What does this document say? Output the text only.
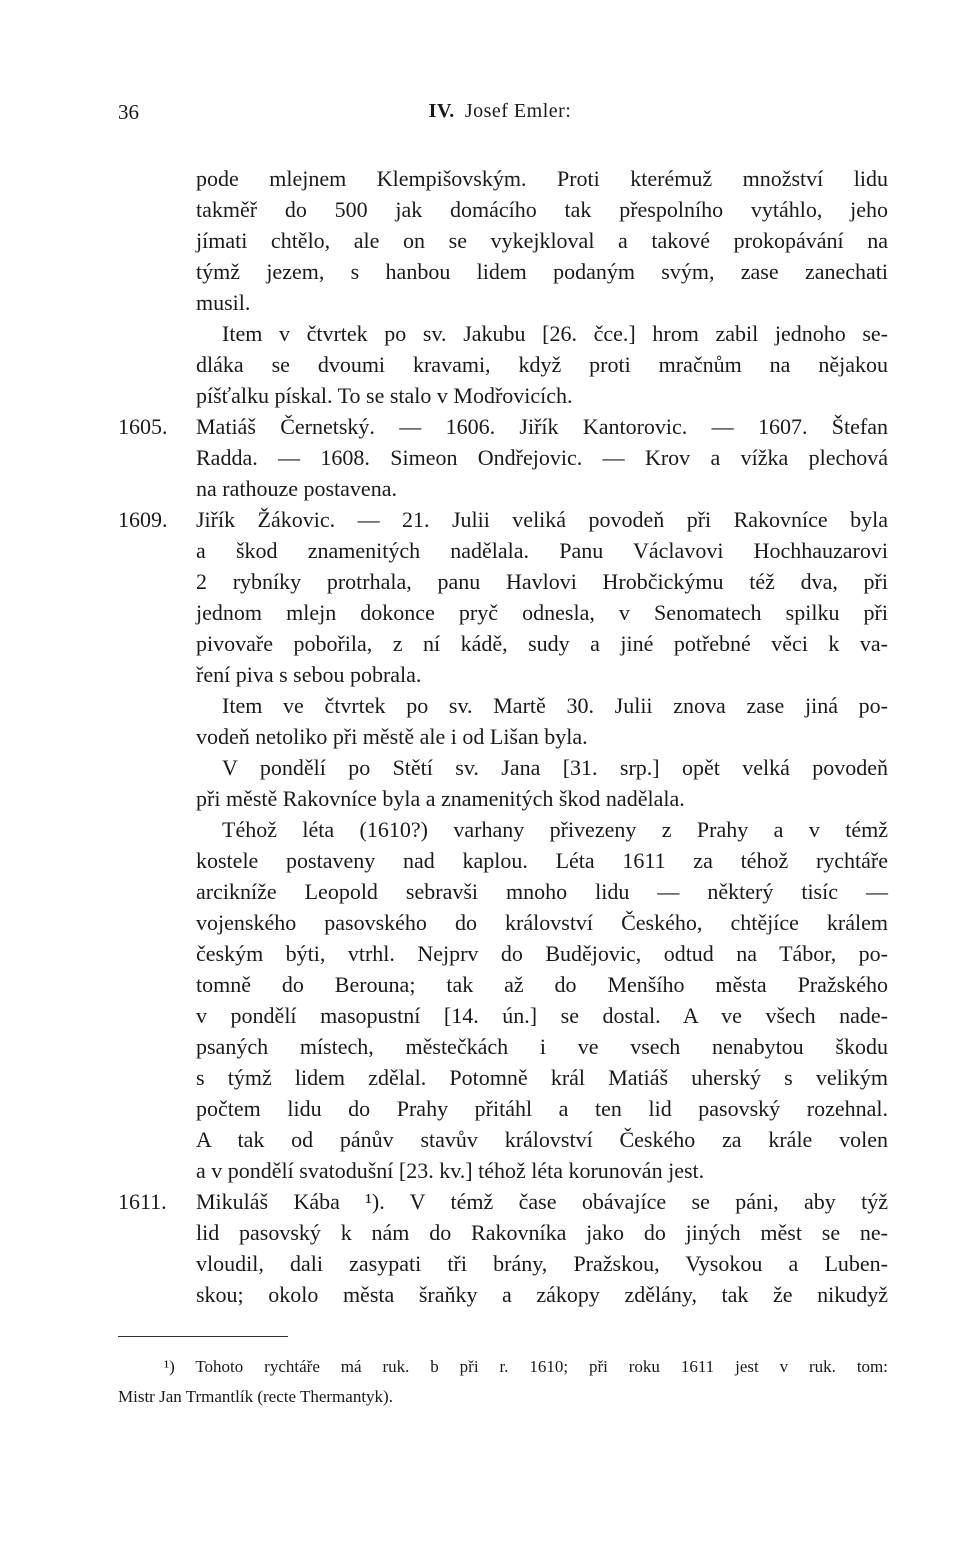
36	IV. Josef Emler:
pode mlejnem Klempišovským. Proti kterémuž množství lidu
takměř do 500 jak domácího tak přespolního vytáhlo, jeho
jímati chtělo, ale on se vykejkloval a takové prokopávání na
týmž jezem, s hanbou lidem podaným svým, zase zanechati
musil.
Item v čtvrtek po sv. Jakubu [26. čce.] hrom zabil jednoho se-
dláka se dvoumi kravami, když proti mračnům na nějakou
píšťalku pískal. To se stalo v Modřovicích.
1605. Matiáš Černetský. — 1606. Jiřík Kantorovic. — 1607. Štefan
Radda. — 1608. Simeon Ondřejovic. — Krov a vížka plechová
na rathouze postavena.
1609. Jiřík Žákovic. — 21. Julii veliká povodeň při Rakovníce byla
a škod znamenitých nadělala. Panu Václavovi Hochhauzarovi
2 rybníky protrhala, panu Havlovi Hrobčickýmu též dva, při
jednom mlejn dokonce pryč odnesla, v Senomatech spilku při
pivovaře pobořila, z ní kádě, sudy a jiné potřebné věci k va-
ření piva s sebou pobrala.
Item ve čtvrtek po sv. Martě 30. Julii znova zase jiná po-
vodeň netoliko při městě ale i od Lišan byla.
V pondělí po Stětí sv. Jana [31. srp.] opět velká povodeň
při městě Rakovníce byla a znamenitých škod nadělala.
Téhož léta (1610?) varhany přivezeny z Prahy a v témž
kostele postaveny nad kaplou. Léta 1611 za téhož rychtáře
arcikníže Leopold sebravši mnoho lidu — některý tisíc —
vojenského pasovského do království Českého, chtějíce králem
českým býti, vtrhl. Nejprv do Budějovic, odtud na Tábor, po-
tomně do Berouna; tak až do Menšího města Pražského
v pondělí masopustní [14. ún.] se dostal. A ve všech nade-
psaných místech, městečkách i ve vsech nenabytou škodu
s týmž lidem zdělal. Potomně král Matiáš uherský s velikým
počtem lidu do Prahy přitáhl a ten lid pasovský rozehnal.
A tak od pánův stavův království Českého za krále volen
a v pondělí svatodušní [23. kv.] téhož léta korunován jest.
1611. Mikuláš Kába ¹). V témž čase obávajíce se páni, aby týž
lid pasovský k nám do Rakovníka jako do jiných měst se ne-
vloudil, dali zasypati tři brány, Pražskou, Vysokou a Luben-
skou; okolo města šraňky a zákopy zdělány, tak že nikudyž
¹) Tohoto rychtáře má ruk. b při r. 1610; při roku 1611 jest v ruk. tom:
Mistr Jan Trmantlík (recte Thermantyk).
